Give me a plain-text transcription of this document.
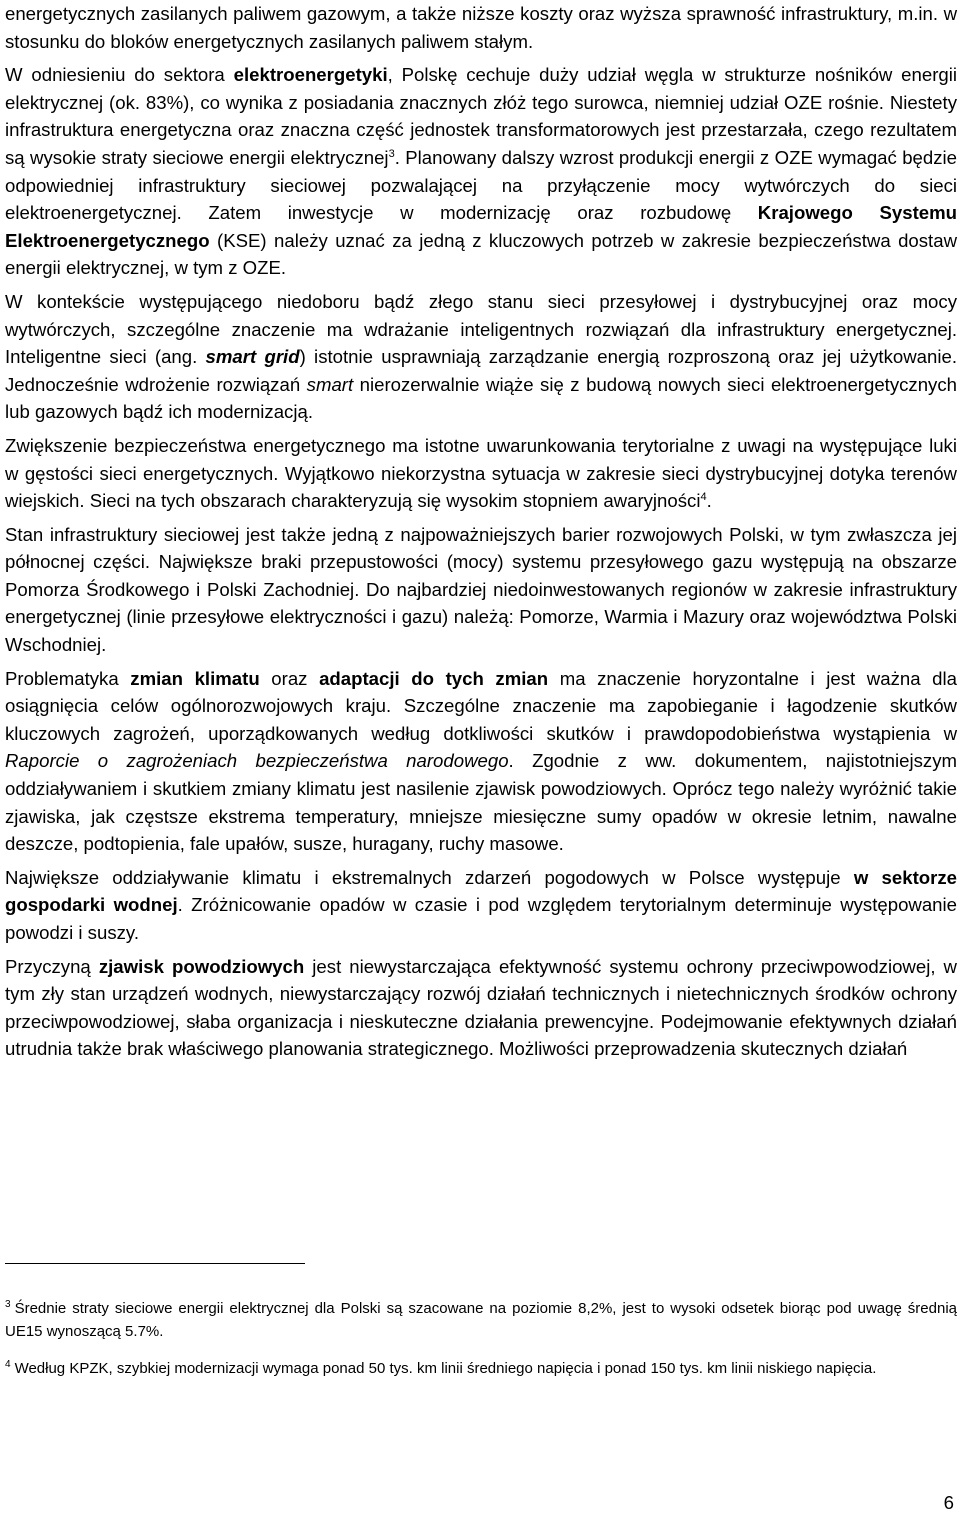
energetycznych zasilanych paliwem gazowym, a także niższe koszty oraz wyższa sprawność infrastruktury, m.in. w stosunku do bloków energetycznych zasilanych paliwem stałym.

W odniesieniu do sektora elektroenergetyki, Polskę cechuje duży udział węgla w strukturze nośników energii elektrycznej (ok. 83%), co wynika z posiadania znacznych złóż tego surowca, niemniej udział OZE rośnie. Niestety infrastruktura energetyczna oraz znaczna część jednostek transformatorowych jest przestarzała, czego rezultatem są wysokie straty sieciowe energii elektrycznej$^3$. Planowany dalszy wzrost produkcji energii z OZE wymagać będzie odpowiedniej infrastruktury sieciowej pozwalającej na przyłączenie mocy wytwórczych do sieci elektroenergetycznej. Zatem inwestycje w modernizację oraz rozbudowę Krajowego Systemu Elektroenergetycznego (KSE) należy uznać za jedną z kluczowych potrzeb w zakresie bezpieczeństwa dostaw energii elektrycznej, w tym z OZE.

W kontekście występującego niedoboru bądź złego stanu sieci przesyłowej i dystrybucyjnej oraz mocy wytwórczych, szczególne znaczenie ma wdrażanie inteligentnych rozwiązań dla infrastruktury energetycznej. Inteligentne sieci (ang. smart grid) istotnie usprawniają zarządzanie energią rozproszoną oraz jej użytkowanie. Jednocześnie wdrożenie rozwiązań smart nierozerwalnie wiąże się z budową nowych sieci elektroenergetycznych lub gazowych bądź ich modernizacją.

Zwiększenie bezpieczeństwa energetycznego ma istotne uwarunkowania terytorialne z uwagi na występujące luki w gęstości sieci energetycznych. Wyjątkowo niekorzystna sytuacja w zakresie sieci dystrybucyjnej dotyka terenów wiejskich. Sieci na tych obszarach charakteryzują się wysokim stopniem awaryjności$^4$.

Stan infrastruktury sieciowej jest także jedną z najpoważniejszych barier rozwojowych Polski, w tym zwłaszcza jej północnej części. Największe braki przepustowości (mocy) systemu przesyłowego gazu występują na obszarze Pomorza Środkowego i Polski Zachodniej. Do najbardziej niedoinwestowanych regionów w zakresie infrastruktury energetycznej (linie przesyłowe elektryczności i gazu) należą: Pomorze, Warmia i Mazury oraz województwa Polski Wschodniej.

Problematyka zmian klimatu oraz adaptacji do tych zmian ma znaczenie horyzontalne i jest ważna dla osiągnięcia celów ogólnorozwojowych kraju. Szczególne znaczenie ma zapobieganie i łagodzenie skutków kluczowych zagrożeń, uporządkowanych według dotkliwości skutków i prawdopodobieństwa wystąpienia w Raporcie o zagrożeniach bezpieczeństwa narodowego. Zgodnie z ww. dokumentem, najistotniejszym oddziaływaniem i skutkiem zmiany klimatu jest nasilenie zjawisk powodziowych. Oprócz tego należy wyróżnić takie zjawiska, jak częstsze ekstrema temperatury, mniejsze miesięczne sumy opadów w okresie letnim, nawalne deszcze, podtopienia, fale upałów, susze, huragany, ruchy masowe.

Największe oddziaływanie klimatu i ekstremalnych zdarzeń pogodowych w Polsce występuje w sektorze gospodarki wodnej. Zróżnicowanie opadów w czasie i pod względem terytorialnym determinuje występowanie powodzi i suszy.

Przyczyną zjawisk powodziowych jest niewystarczająca efektywność systemu ochrony przeciwpowodziowej, w tym zły stan urządzeń wodnych, niewystarczający rozwój działań technicznych i nietechnicznych środków ochrony przeciwpowodziowej, słaba organizacja i nieskuteczne działania prewencyjne. Podejmowanie efektywnych działań utrudnia także brak właściwego planowania strategicznego. Możliwości przeprowadzenia skutecznych działań

$^3$ Średnie straty sieciowe energii elektrycznej dla Polski są szacowane na poziomie 8,2%, jest to wysoki odsetek biorąc pod uwagę średnią UE15 wynoszącą 5.7%.

$^4$ Według KPZK, szybkiej modernizacji wymaga ponad 50 tys. km linii średniego napięcia i ponad 150 tys. km linii niskiego napięcia.

6
